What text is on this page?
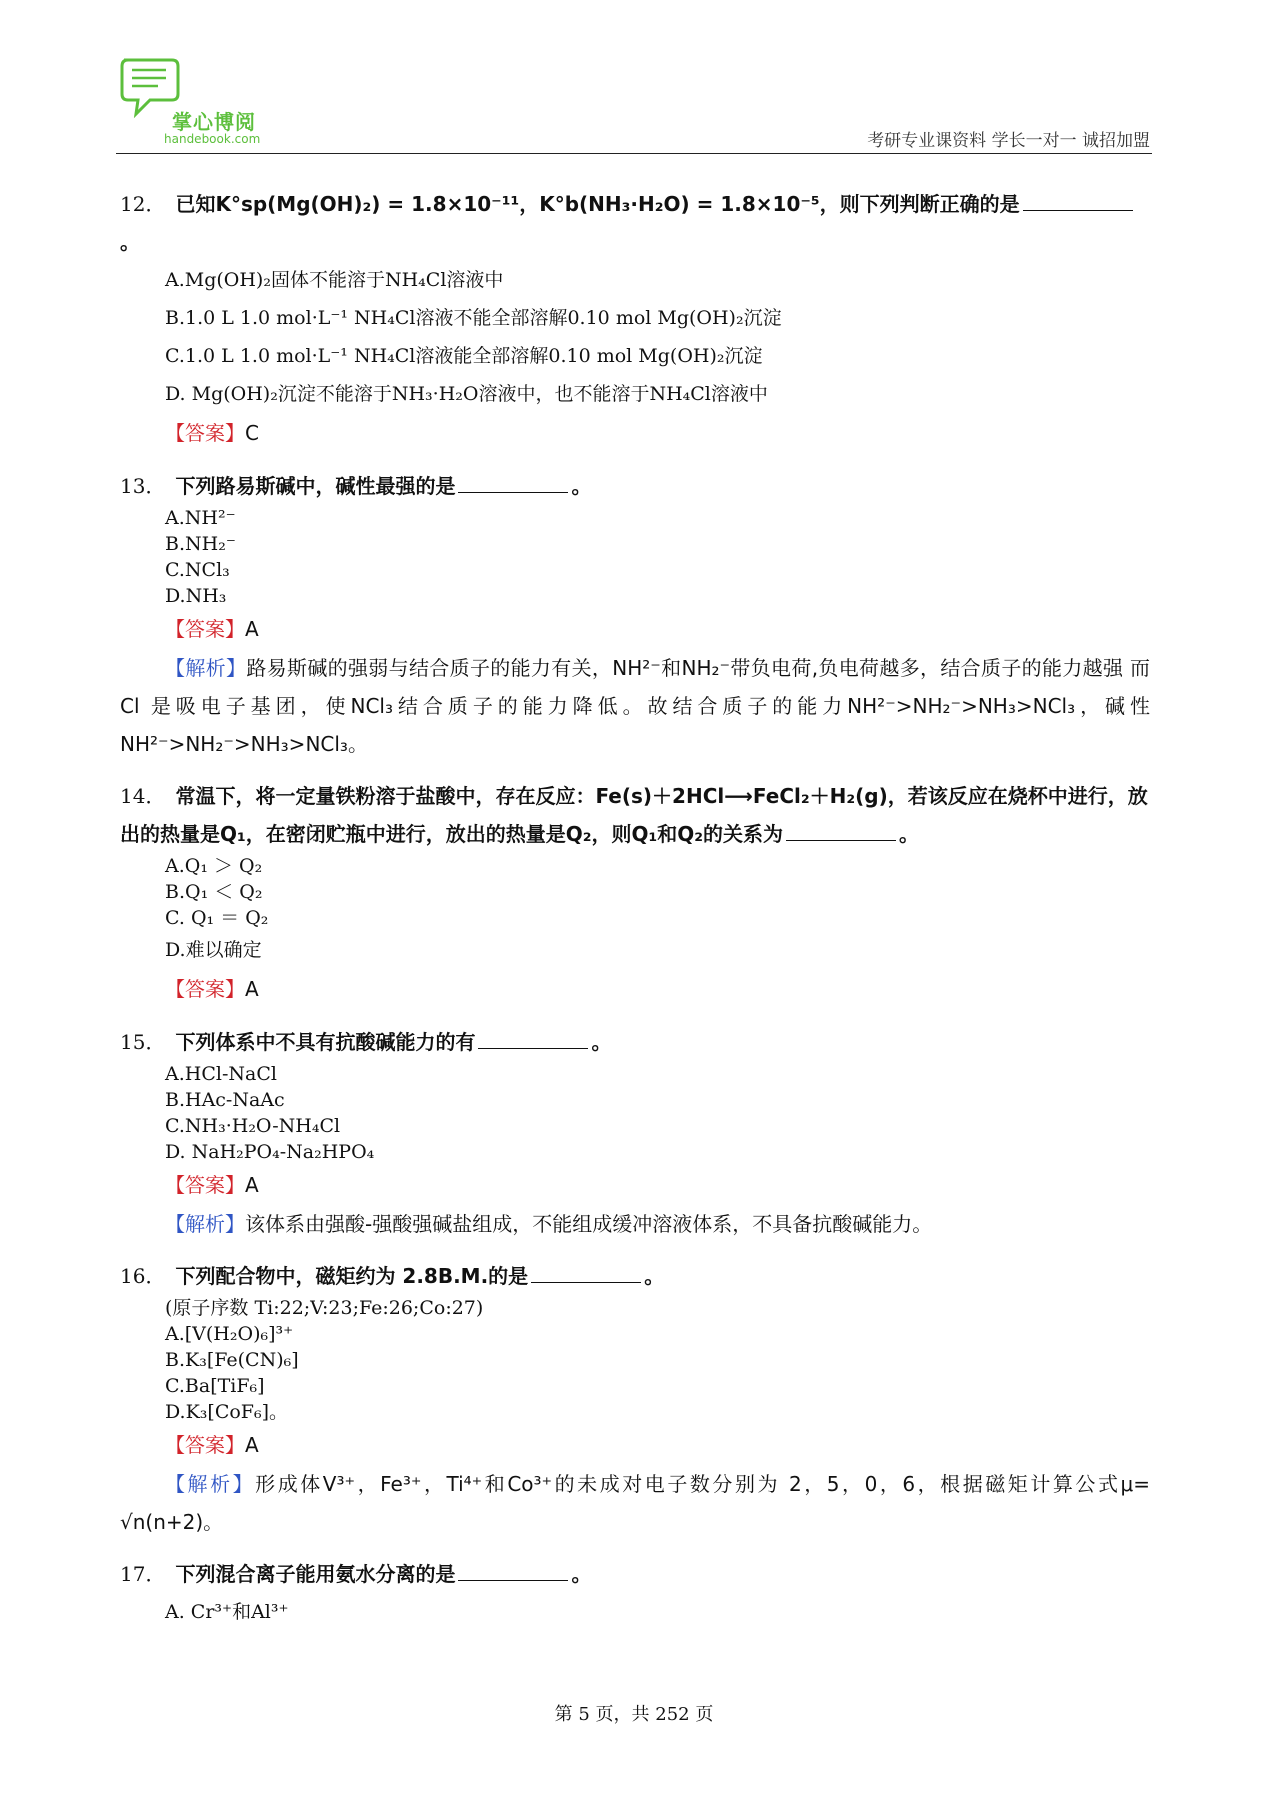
掌心博阅
handebook.com	考研专业课资料 学长一对一 诚招加盟
12． 已知K°sp(Mg(OH)₂) = 1.8×10⁻¹¹，K°b(NH₃·H₂O) = 1.8×10⁻⁵，则下列判断正确的是。
A.Mg(OH)₂固体不能溶于NH₄Cl溶液中
B.1.0 L 1.0 mol·L⁻¹ NH₄Cl溶液不能全部溶解0.10 mol Mg(OH)₂沉淀
C.1.0 L 1.0 mol·L⁻¹ NH₄Cl溶液能全部溶解0.10 mol Mg(OH)₂沉淀
D. Mg(OH)₂沉淀不能溶于NH₃·H₂O溶液中，也不能溶于NH₄Cl溶液中
【答案】C
13． 下列路易斯碱中，碱性最强的是	。
A.NH²⁻
B.NH₂⁻
C.NCl₃
D.NH₃
【答案】A
【解析】路易斯碱的强弱与结合质子的能力有关，NH²⁻和NH₂⁻带负电荷,负电荷越多，结合质子的能力越强 而 Cl 是吸电子基团，使NCl₃结合质子的能力降低。故结合质子的能力NH²⁻>NH₂⁻>NH₃>NCl₃，碱性NH²⁻>NH₂⁻>NH₃>NCl₃。
14． 常温下，将一定量铁粉溶于盐酸中，存在反应：Fe(s)＋2HCl⟶FeCl₂＋H₂(g)，若该反应在烧杯中进行，放出的热量是Q₁，在密闭贮瓶中进行，放出的热量是Q₂，则Q₁和Q₂的关系为	。
A.Q₁ ＞ Q₂
B.Q₁ ＜ Q₂
C. Q₁ ＝ Q₂
D.难以确定
【答案】A
15． 下列体系中不具有抗酸碱能力的有	。
A.HCl-NaCl
B.HAc-NaAc
C.NH₃·H₂O-NH₄Cl
D. NaH₂PO₄-Na₂HPO₄
【答案】A
【解析】该体系由强酸-强酸强碱盐组成，不能组成缓冲溶液体系，不具备抗酸碱能力。
16． 下列配合物中，磁矩约为 2.8B.M.的是	。
(原子序数 Ti:22;V:23;Fe:26;Co:27)
A.[V(H₂O)₆]³⁺
B.K₃[Fe(CN)₆]
C.Ba[TiF₆]
D.K₃[CoF₆]。
【答案】A
【解析】形成体V³⁺，Fe³⁺，Ti⁴⁺和Co³⁺的未成对电子数分别为 2，5，0，6，根据磁矩计算公式μ= √n(n+2)。
17． 下列混合离子能用氨水分离的是	。
A. Cr³⁺和Al³⁺
第 5 页，共 252 页
